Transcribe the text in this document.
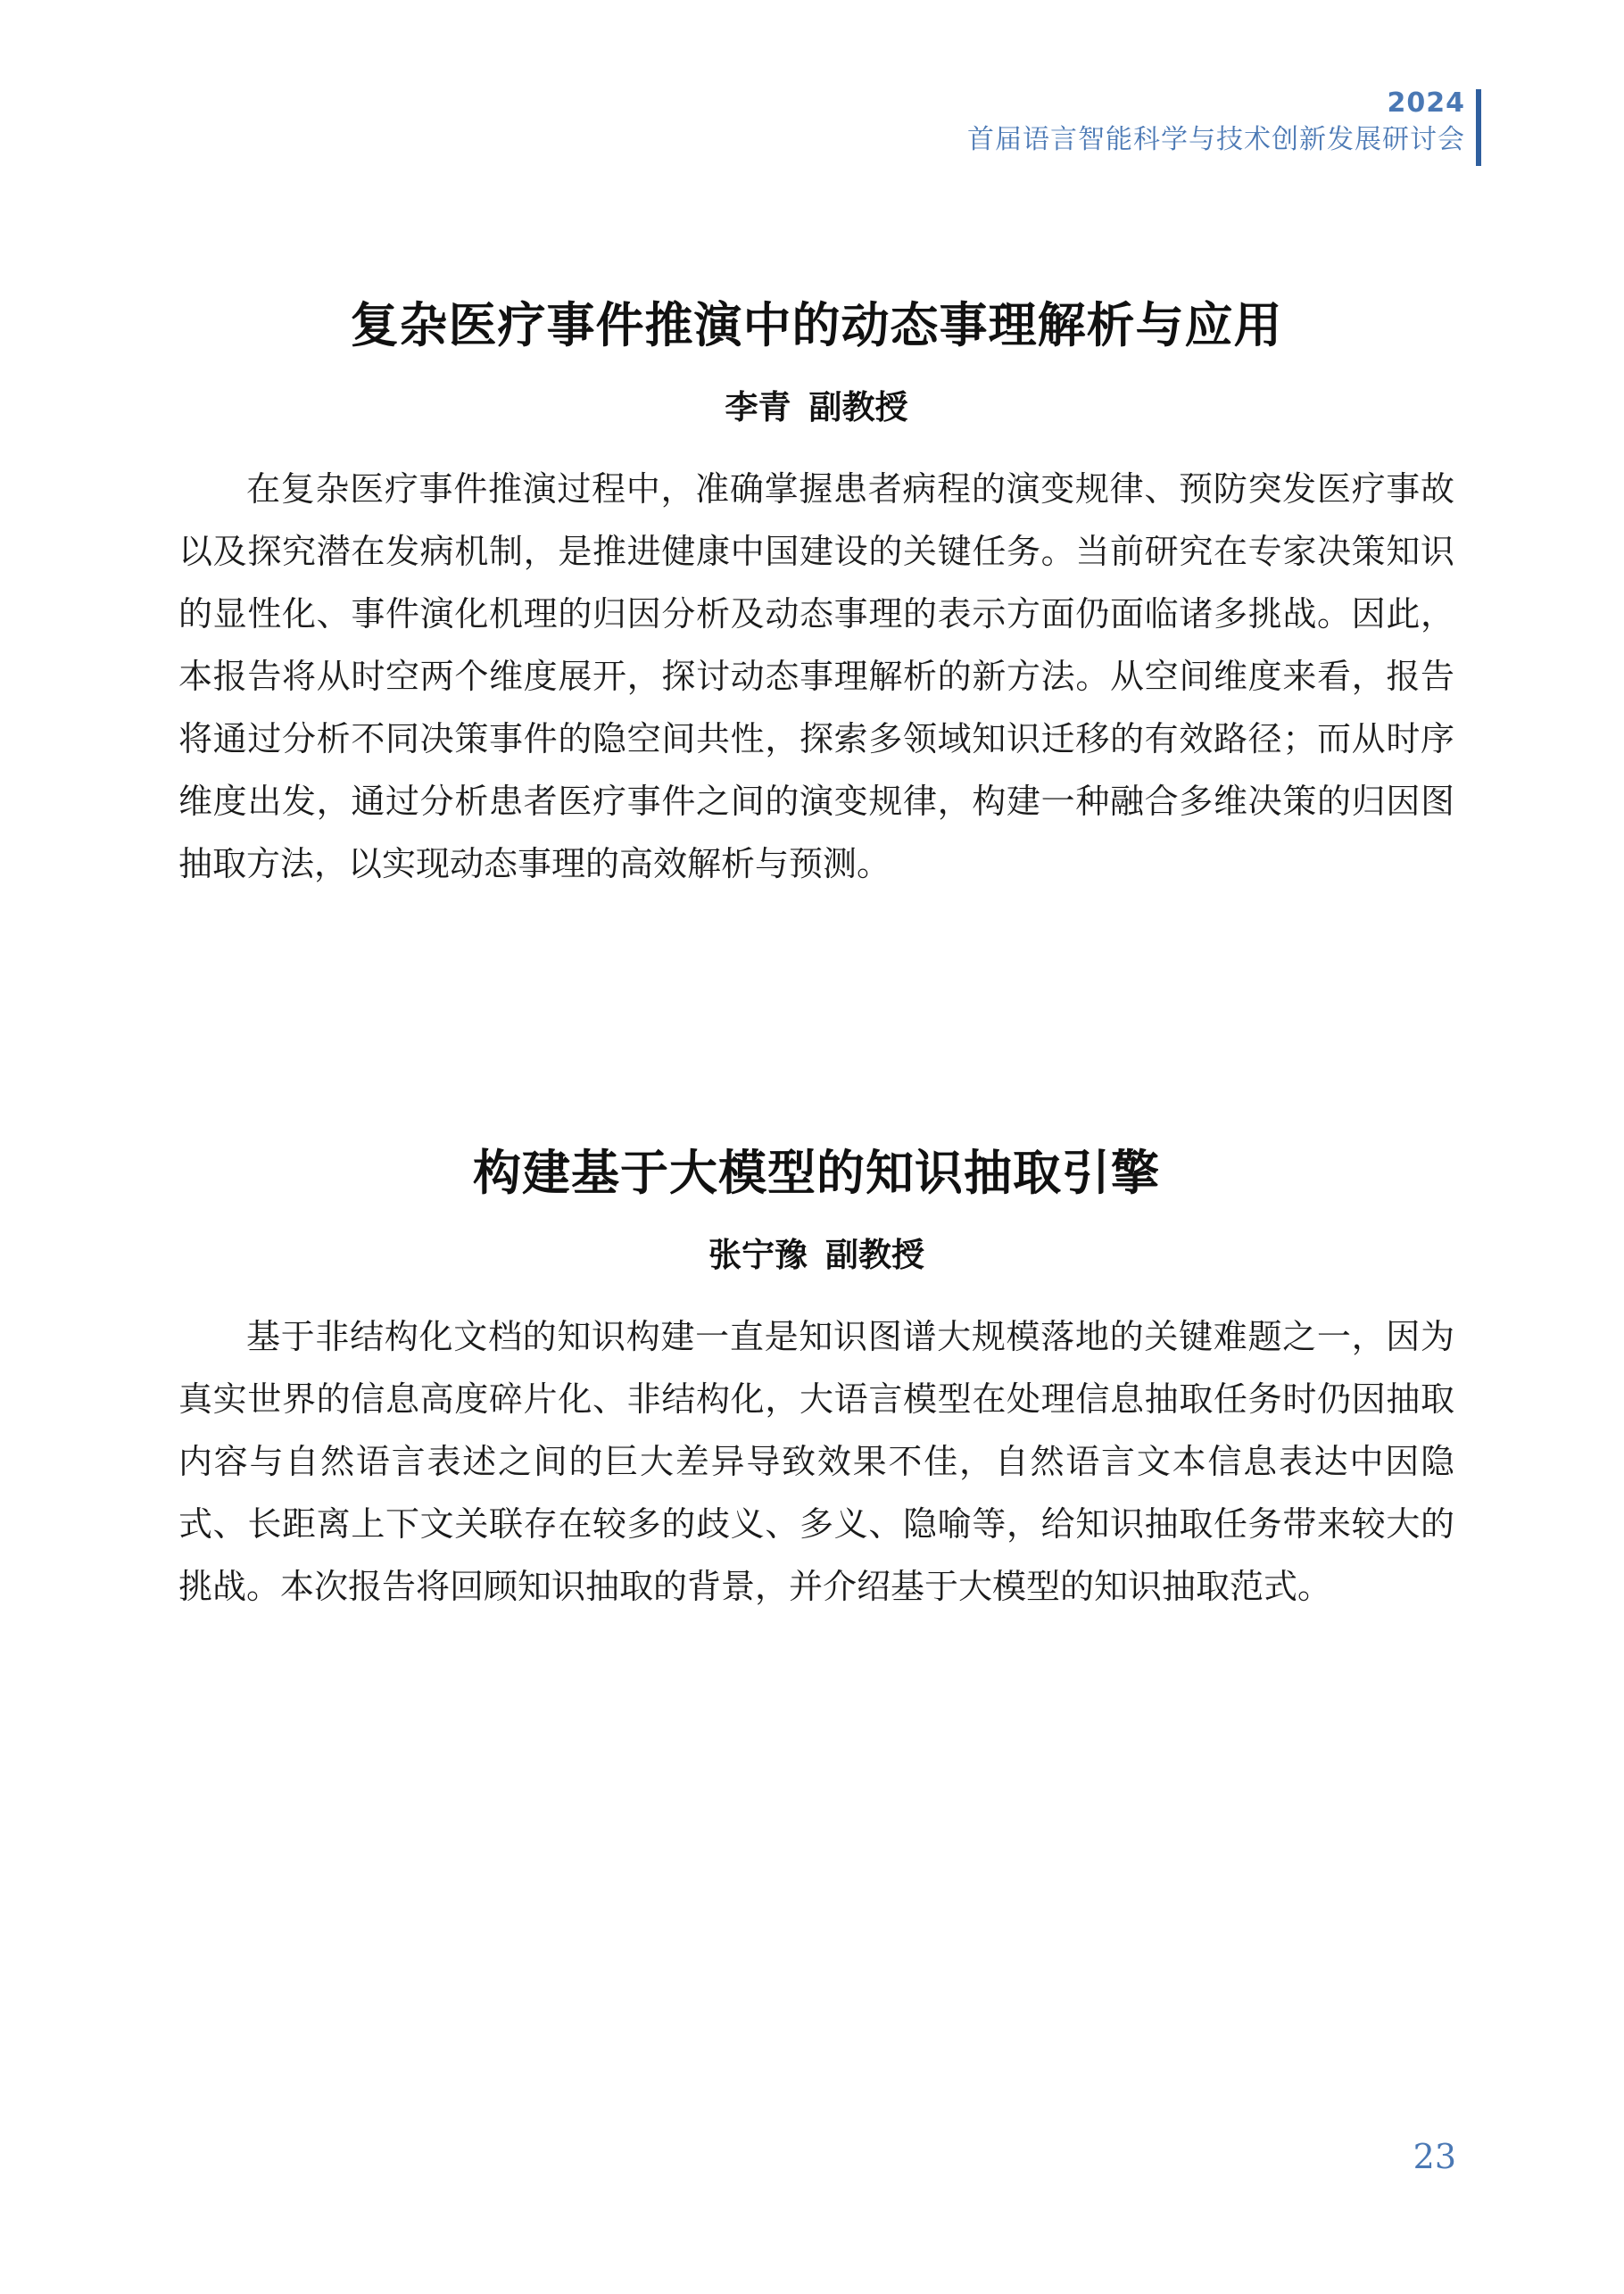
2024
首届语言智能科学与技术创新发展研讨会
复杂医疗事件推演中的动态事理解析与应用
李青 副教授

在复杂医疗事件推演过程中，准确掌握患者病程的演变规律、预防突发医疗事故以及探究潜在发病机制，是推进健康中国建设的关键任务。当前研究在专家决策知识的显性化、事件演化机理的归因分析及动态事理的表示方面仍面临诸多挑战。因此，本报告将从时空两个维度展开，探讨动态事理解析的新方法。从空间维度来看，报告将通过分析不同决策事件的隐空间共性，探索多领域知识迁移的有效路径；而从时序维度出发，通过分析患者医疗事件之间的演变规律，构建一种融合多维决策的归因图抽取方法，以实现动态事理的高效解析与预测。

构建基于大模型的知识抽取引擎
张宁豫 副教授

基于非结构化文档的知识构建一直是知识图谱大规模落地的关键难题之一，因为真实世界的信息高度碎片化、非结构化，大语言模型在处理信息抽取任务时仍因抽取内容与自然语言表述之间的巨大差异导致效果不佳，自然语言文本信息表达中因隐式、长距离上下文关联存在较多的歧义、多义、隐喻等，给知识抽取任务带来较大的挑战。本次报告将回顾知识抽取的背景，并介绍基于大模型的知识抽取范式。

23
